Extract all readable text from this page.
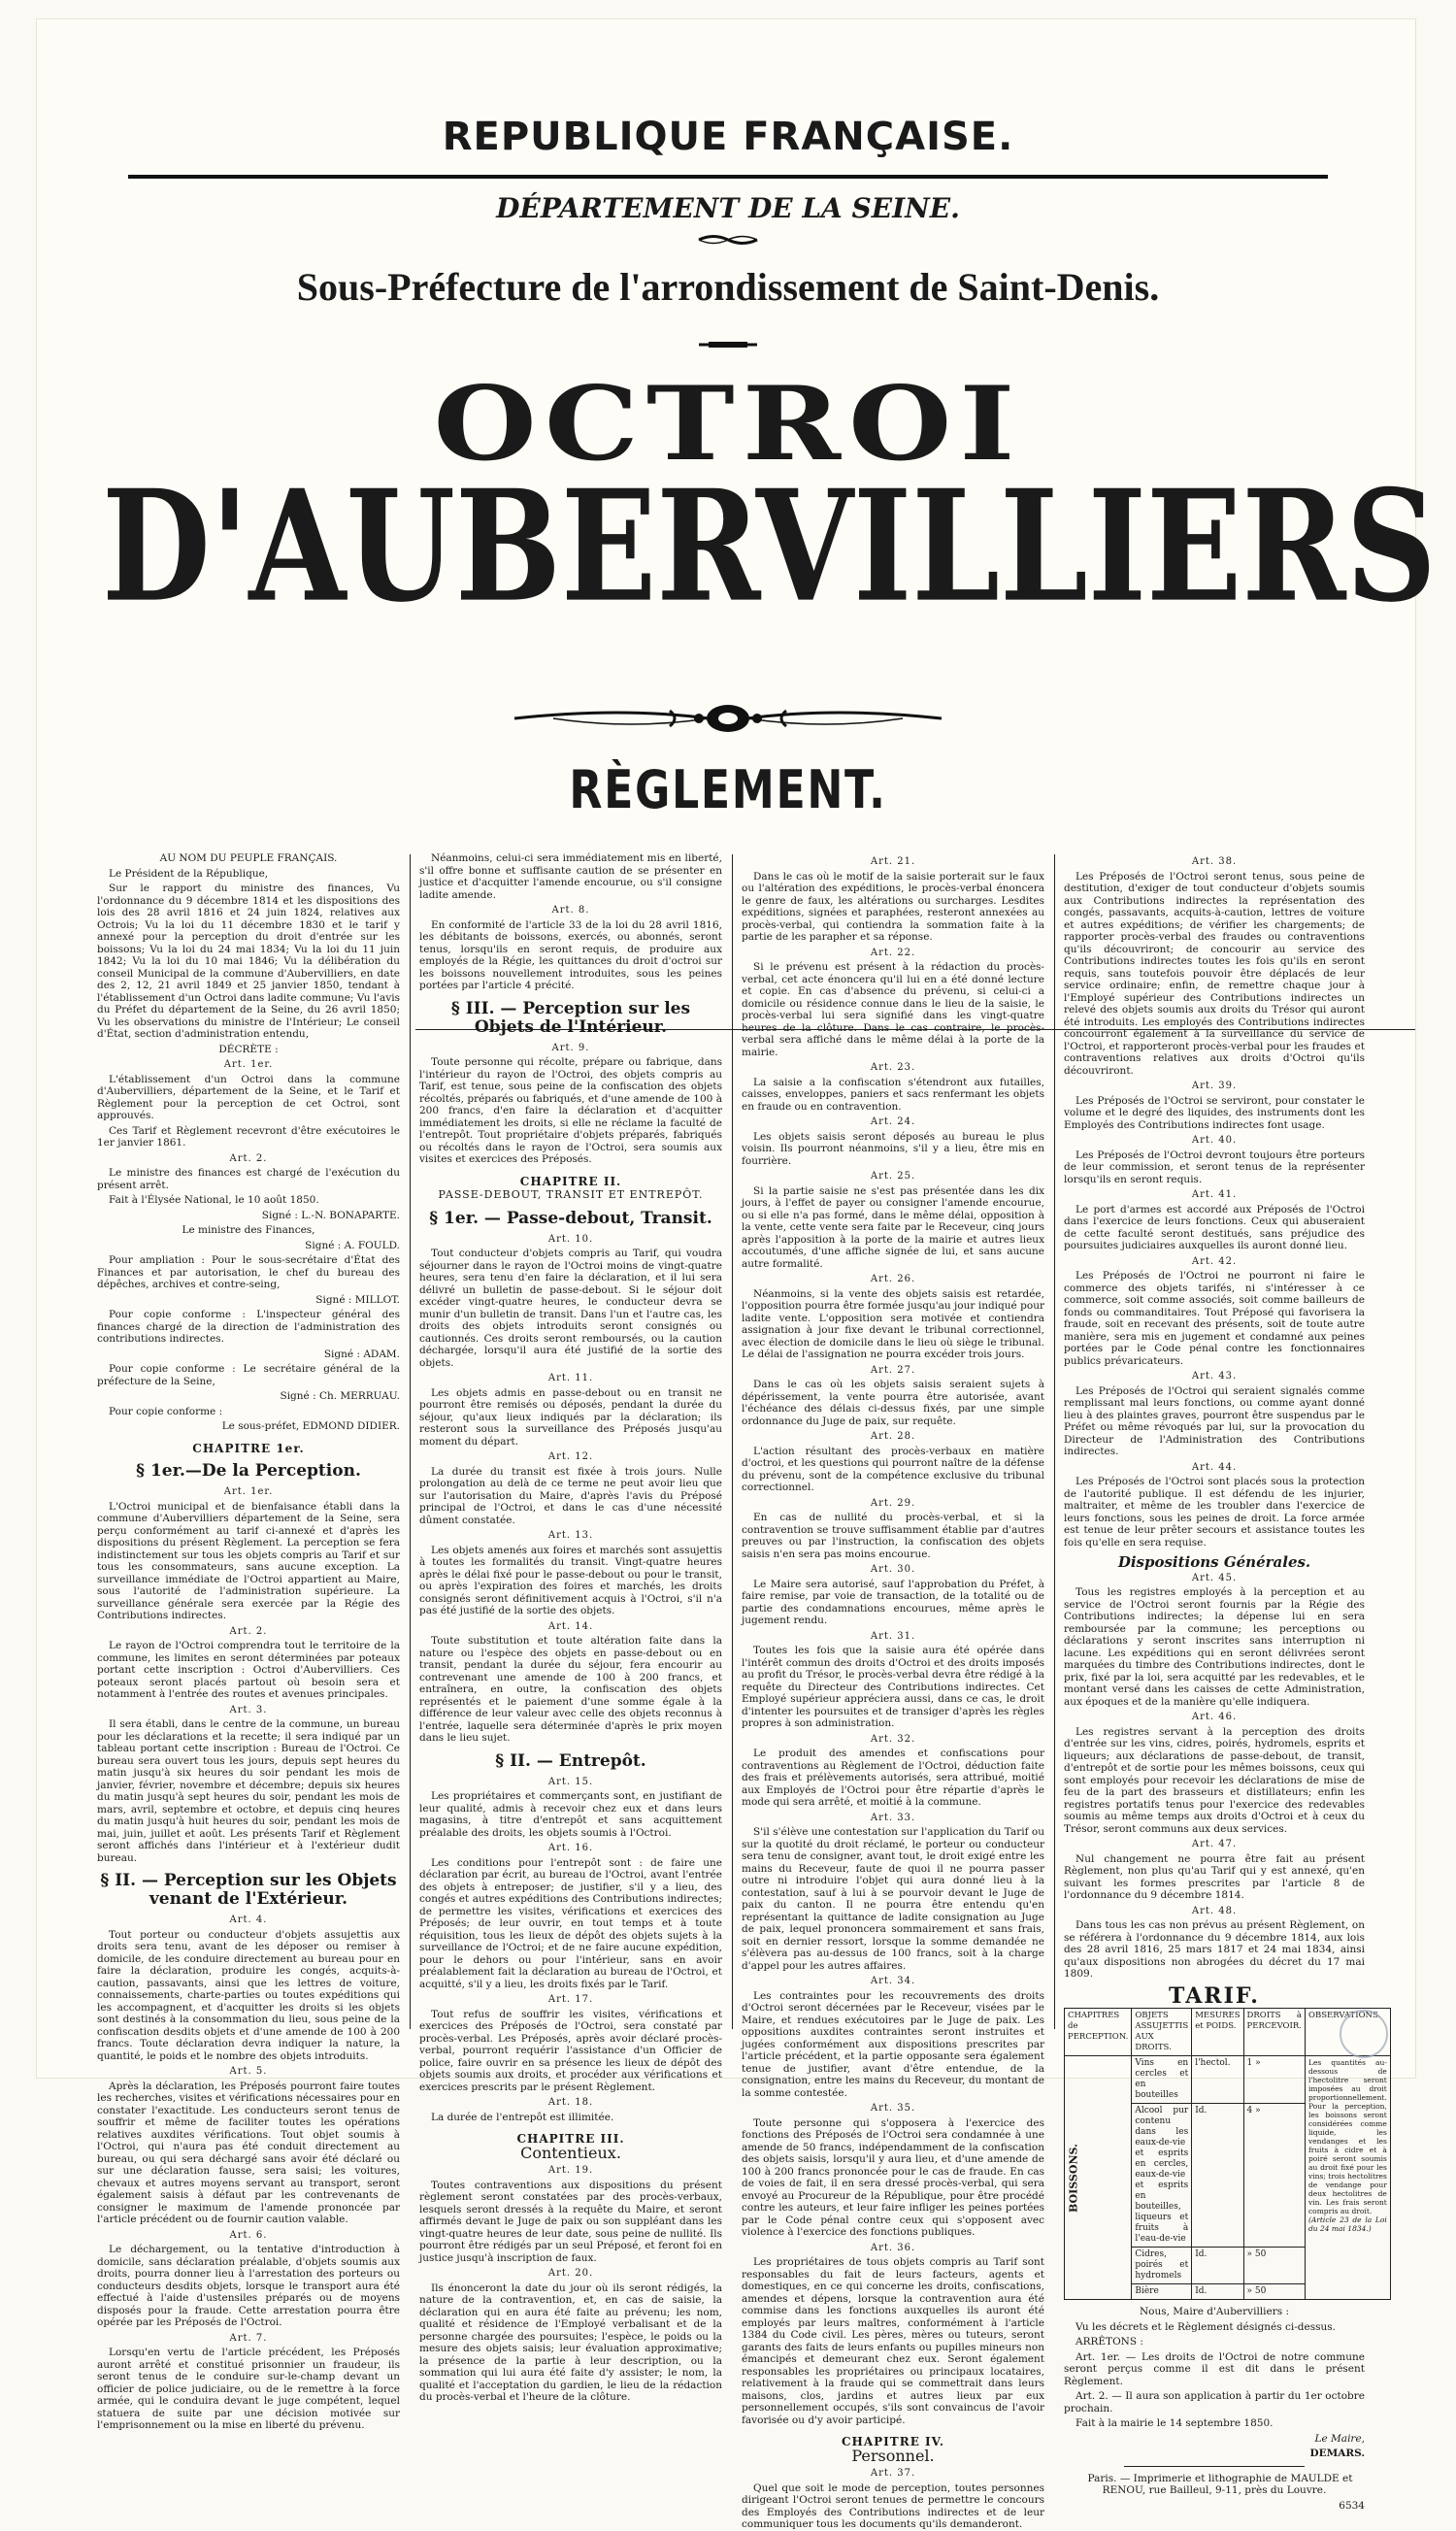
REPUBLIQUE FRANÇAISE.
DÉPARTEMENT DE LA SEINE.
Sous-Préfecture de l'arrondissement de Saint-Denis.
OCTROI
D'AUBERVILLIERS
RÈGLEMENT.

AU NOM DU PEUPLE FRANÇAIS.

Le Président de la République,

Sur le rapport du ministre des finances, Vu l'ordonnance du 9 décembre 1814 et les dispositions des lois des 28 avril 1816 et 24 juin 1824, relatives aux Octrois; Vu la loi du 11 décembre 1830 et le tarif y annexé pour la perception du droit d'entrée sur les boissons; Vu la loi du 24 mai 1834; Vu la loi du 11 juin 1842; Vu la loi du 10 mai 1846; Vu la délibération du conseil Municipal de la commune d'Aubervilliers, en date des 2, 12, 21 avril 1849 et 25 janvier 1850, tendant à l'établissement d'un Octroi dans ladite commune; Vu l'avis du Préfet du département de la Seine, du 26 avril 1850; Vu les observations du ministre de l'Intérieur; Le conseil d'État, section d'administration entendu,

DÉCRÈTE :

Art. 1er.

L'établissement d'un Octroi dans la commune d'Aubervilliers, département de la Seine, et le Tarif et Règlement pour la perception de cet Octroi, sont approuvés.

Ces Tarif et Règlement recevront d'être exécutoires le 1er janvier 1861.

Art. 2.

Le ministre des finances est chargé de l'exécution du présent arrêt.

Fait à l'Élysée National, le 10 août 1850.

Signé : L.-N. BONAPARTE.

Le ministre des Finances,

Signé : A. FOULD.

Pour ampliation : Pour le sous-secrétaire d'État des Finances et par autorisation, le chef du bureau des dépêches, archives et contre-seing,

Signé : MILLOT.

Pour copie conforme : L'inspecteur général des finances chargé de la direction de l'administration des contributions indirectes.

Signé : ADAM.

Pour copie conforme : Le secrétaire général de la préfecture de la Seine,

Signé : Ch. MERRUAU.

Pour copie conforme :

Le sous-préfet, EDMOND DIDIER.

CHAPITRE 1er.

§ 1er.—De la Perception.

Art. 1er.

L'Octroi municipal et de bienfaisance établi dans la commune d'Aubervilliers département de la Seine, sera perçu conformément au tarif ci-annexé et d'après les dispositions du présent Règlement. La perception se fera indistinctement sur tous les objets compris au Tarif et sur tous les consommateurs, sans aucune exception. La surveillance immédiate de l'Octroi appartient au Maire, sous l'autorité de l'administration supérieure. La surveillance générale sera exercée par la Régie des Contributions indirectes.

Art. 2.

Le rayon de l'Octroi comprendra tout le territoire de la commune, les limites en seront déterminées par poteaux portant cette inscription : Octroi d'Aubervilliers. Ces poteaux seront placés partout où besoin sera et notamment à l'entrée des routes et avenues principales.

Art. 3.

Il sera établi, dans le centre de la commune, un bureau pour les déclarations et la recette; il sera indiqué par un tableau portant cette inscription : Bureau de l'Octroi. Ce bureau sera ouvert tous les jours, depuis sept heures du matin jusqu'à six heures du soir pendant les mois de janvier, février, novembre et décembre; depuis six heures du matin jusqu'à sept heures du soir, pendant les mois de mars, avril, septembre et octobre, et depuis cinq heures du matin jusqu'à huit heures du soir, pendant les mois de mai, juin, juillet et août. Les présents Tarif et Règlement seront affichés dans l'intérieur et à l'extérieur dudit bureau.

§ II. — Perception sur les Objets venant de l'Extérieur.

Art. 4.

Tout porteur ou conducteur d'objets assujettis aux droits sera tenu, avant de les déposer ou remiser à domicile, de les conduire directement au bureau pour en faire la déclaration, produire les congés, acquits-à-caution, passavants, ainsi que les lettres de voiture, connaissements, charte-parties ou toutes expéditions qui les accompagnent, et d'acquitter les droits si les objets sont destinés à la consommation du lieu, sous peine de la confiscation desdits objets et d'une amende de 100 à 200 francs. Toute déclaration devra indiquer la nature, la quantité, le poids et le nombre des objets introduits.

Art. 5.

Après la déclaration, les Préposés pourront faire toutes les recherches, visites et vérifications nécessaires pour en constater l'exactitude. Les conducteurs seront tenus de souffrir et même de faciliter toutes les opérations relatives auxdites vérifications. Tout objet soumis à l'Octroi, qui n'aura pas été conduit directement au bureau, ou qui sera déchargé sans avoir été déclaré ou sur une déclaration fausse, sera saisi; les voitures, chevaux et autres moyens servant au transport, seront également saisis à défaut par les contrevenants de consigner le maximum de l'amende prononcée par l'article précédent ou de fournir caution valable.

Art. 6.

Le déchargement, ou la tentative d'introduction à domicile, sans déclaration préalable, d'objets soumis aux droits, pourra donner lieu à l'arrestation des porteurs ou conducteurs desdits objets, lorsque le transport aura été effectué à l'aide d'ustensiles préparés ou de moyens disposés pour la fraude. Cette arrestation pourra être opérée par les Préposés de l'Octroi.

Art. 7.

Lorsqu'en vertu de l'article précédent, les Préposés auront arrêté et constitué prisonnier un fraudeur, ils seront tenus de le conduire sur-le-champ devant un officier de police judiciaire, ou de le remettre à la force armée, qui le conduira devant le juge compétent, lequel statuera de suite par une décision motivée sur l'emprisonnement ou la mise en liberté du prévenu.

Néanmoins, celui-ci sera immédiatement mis en liberté, s'il offre bonne et suffisante caution de se présenter en justice et d'acquitter l'amende encourue, ou s'il consigne ladite amende.

Art. 8.

En conformité de l'article 33 de la loi du 28 avril 1816, les débitants de boissons, exercés, ou abonnés, seront tenus, lorsqu'ils en seront requis, de produire aux employés de la Régie, les quittances du droit d'octroi sur les boissons nouvellement introduites, sous les peines portées par l'article 4 précité.

§ III. — Perception sur les Objets de l'Intérieur.

Art. 9.

Toute personne qui récolte, prépare ou fabrique, dans l'intérieur du rayon de l'Octroi, des objets compris au Tarif, est tenue, sous peine de la confiscation des objets récoltés, préparés ou fabriqués, et d'une amende de 100 à 200 francs, d'en faire la déclaration et d'acquitter immédiatement les droits, si elle ne réclame la faculté de l'entrepôt. Tout propriétaire d'objets préparés, fabriqués ou récoltés dans le rayon de l'Octroi, sera soumis aux visites et exercices des Préposés.

CHAPITRE II.

PASSE-DEBOUT, TRANSIT ET ENTREPÔT.

§ 1er. — Passe-debout, Transit.

Art. 10.

Tout conducteur d'objets compris au Tarif, qui voudra séjourner dans le rayon de l'Octroi moins de vingt-quatre heures, sera tenu d'en faire la déclaration, et il lui sera délivré un bulletin de passe-debout. Si le séjour doit excéder vingt-quatre heures, le conducteur devra se munir d'un bulletin de transit. Dans l'un et l'autre cas, les droits des objets introduits seront consignés ou cautionnés. Ces droits seront remboursés, ou la caution déchargée, lorsqu'il aura été justifié de la sortie des objets.

Art. 11.

Les objets admis en passe-debout ou en transit ne pourront être remisés ou déposés, pendant la durée du séjour, qu'aux lieux indiqués par la déclaration; ils resteront sous la surveillance des Préposés jusqu'au moment du départ.

Art. 12.

La durée du transit est fixée à trois jours. Nulle prolongation au delà de ce terme ne peut avoir lieu que sur l'autorisation du Maire, d'après l'avis du Préposé principal de l'Octroi, et dans le cas d'une nécessité dûment constatée.

Art. 13.

Les objets amenés aux foires et marchés sont assujettis à toutes les formalités du transit. Vingt-quatre heures après le délai fixé pour le passe-debout ou pour le transit, ou après l'expiration des foires et marchés, les droits consignés seront définitivement acquis à l'Octroi, s'il n'a pas été justifié de la sortie des objets.

Art. 14.

Toute substitution et toute altération faite dans la nature ou l'espèce des objets en passe-debout ou en transit, pendant la durée du séjour, fera encourir au contrevenant une amende de 100 à 200 francs, et entraînera, en outre, la confiscation des objets représentés et le paiement d'une somme égale à la différence de leur valeur avec celle des objets reconnus à l'entrée, laquelle sera déterminée d'après le prix moyen dans le lieu sujet.

§ II. — Entrepôt.

Art. 15.

Les propriétaires et commerçants sont, en justifiant de leur qualité, admis à recevoir chez eux et dans leurs magasins, à titre d'entrepôt et sans acquittement préalable des droits, les objets soumis à l'Octroi.

Art. 16.

Les conditions pour l'entrepôt sont : de faire une déclaration par écrit, au bureau de l'Octroi, avant l'entrée des objets à entreposer; de justifier, s'il y a lieu, des congés et autres expéditions des Contributions indirectes; de permettre les visites, vérifications et exercices des Préposés; de leur ouvrir, en tout temps et à toute réquisition, tous les lieux de dépôt des objets sujets à la surveillance de l'Octroi; et de ne faire aucune expédition, pour le dehors ou pour l'intérieur, sans en avoir préalablement fait la déclaration au bureau de l'Octroi, et acquitté, s'il y a lieu, les droits fixés par le Tarif.

Art. 17.

Tout refus de souffrir les visites, vérifications et exercices des Préposés de l'Octroi, sera constaté par procès-verbal. Les Préposés, après avoir déclaré procès-verbal, pourront requérir l'assistance d'un Officier de police, faire ouvrir en sa présence les lieux de dépôt des objets soumis aux droits, et procéder aux vérifications et exercices prescrits par le présent Règlement.

Art. 18.

La durée de l'entrepôt est illimitée.

CHAPITRE III.

Contentieux.

Art. 19.

Toutes contraventions aux dispositions du présent règlement seront constatées par des procès-verbaux, lesquels seront dressés à la requête du Maire, et seront affirmés devant le Juge de paix ou son suppléant dans les vingt-quatre heures de leur date, sous peine de nullité. Ils pourront être rédigés par un seul Préposé, et feront foi en justice jusqu'à inscription de faux.

Art. 20.

Ils énonceront la date du jour où ils seront rédigés, la nature de la contravention, et, en cas de saisie, la déclaration qui en aura été faite au prévenu; les nom, qualité et résidence de l'Employé verbalisant et de la personne chargée des poursuites; l'espèce, le poids ou la mesure des objets saisis; leur évaluation approximative; la présence de la partie à leur description, ou la sommation qui lui aura été faite d'y assister; le nom, la qualité et l'acceptation du gardien, le lieu de la rédaction du procès-verbal et l'heure de la clôture.

Art. 21.

Dans le cas où le motif de la saisie porterait sur le faux ou l'altération des expéditions, le procès-verbal énoncera le genre de faux, les altérations ou surcharges. Lesdites expéditions, signées et paraphées, resteront annexées au procès-verbal, qui contiendra la sommation faite à la partie de les parapher et sa réponse.

Art. 22.

Si le prévenu est présent à la rédaction du procès-verbal, cet acte énoncera qu'il lui en a été donné lecture et copie. En cas d'absence du prévenu, si celui-ci a domicile ou résidence connue dans le lieu de la saisie, le procès-verbal lui sera signifié dans les vingt-quatre heures de la clôture. Dans le cas contraire, le procès-verbal sera affiché dans le même délai à la porte de la mairie.

Art. 23.

La saisie a la confiscation s'étendront aux futailles, caisses, enveloppes, paniers et sacs renfermant les objets en fraude ou en contravention.

Art. 24.

Les objets saisis seront déposés au bureau le plus voisin. Ils pourront néanmoins, s'il y a lieu, être mis en fourrière.

Art. 25.

Si la partie saisie ne s'est pas présentée dans les dix jours, à l'effet de payer ou consigner l'amende encourue, ou si elle n'a pas formé, dans le même délai, opposition à la vente, cette vente sera faite par le Receveur, cinq jours après l'apposition à la porte de la mairie et autres lieux accoutumés, d'une affiche signée de lui, et sans aucune autre formalité.

Art. 26.

Néanmoins, si la vente des objets saisis est retardée, l'opposition pourra être formée jusqu'au jour indiqué pour ladite vente. L'opposition sera motivée et contiendra assignation à jour fixe devant le tribunal correctionnel, avec élection de domicile dans le lieu où siège le tribunal. Le délai de l'assignation ne pourra excéder trois jours.

Art. 27.

Dans le cas où les objets saisis seraient sujets à dépérissement, la vente pourra être autorisée, avant l'échéance des délais ci-dessus fixés, par une simple ordonnance du Juge de paix, sur requête.

Art. 28.

L'action résultant des procès-verbaux en matière d'octroi, et les questions qui pourront naître de la défense du prévenu, sont de la compétence exclusive du tribunal correctionnel.

Art. 29.

En cas de nullité du procès-verbal, et si la contravention se trouve suffisamment établie par d'autres preuves ou par l'instruction, la confiscation des objets saisis n'en sera pas moins encourue.

Art. 30.

Le Maire sera autorisé, sauf l'approbation du Préfet, à faire remise, par voie de transaction, de la totalité ou de partie des condamnations encourues, même après le jugement rendu.

Art. 31.

Toutes les fois que la saisie aura été opérée dans l'intérêt commun des droits d'Octroi et des droits imposés au profit du Trésor, le procès-verbal devra être rédigé à la requête du Directeur des Contributions indirectes. Cet Employé supérieur appréciera aussi, dans ce cas, le droit d'intenter les poursuites et de transiger d'après les règles propres à son administration.

Art. 32.

Le produit des amendes et confiscations pour contraventions au Règlement de l'Octroi, déduction faite des frais et prélèvements autorisés, sera attribué, moitié aux Employés de l'Octroi pour être répartie d'après le mode qui sera arrêté, et moitié à la commune.

Art. 33.

S'il s'élève une contestation sur l'application du Tarif ou sur la quotité du droit réclamé, le porteur ou conducteur sera tenu de consigner, avant tout, le droit exigé entre les mains du Receveur, faute de quoi il ne pourra passer outre ni introduire l'objet qui aura donné lieu à la contestation, sauf à lui à se pourvoir devant le Juge de paix du canton. Il ne pourra être entendu qu'en représentant la quittance de ladite consignation au Juge de paix, lequel prononcera sommairement et sans frais, soit en dernier ressort, lorsque la somme demandée ne s'élèvera pas au-dessus de 100 francs, soit à la charge d'appel pour les autres affaires.

Art. 34.

Les contraintes pour les recouvrements des droits d'Octroi seront décernées par le Receveur, visées par le Maire, et rendues exécutoires par le Juge de paix. Les oppositions auxdites contraintes seront instruites et jugées conformément aux dispositions prescrites par l'article précédent, et la partie opposante sera également tenue de justifier, avant d'être entendue, de la consignation, entre les mains du Receveur, du montant de la somme contestée.

Art. 35.

Toute personne qui s'opposera à l'exercice des fonctions des Préposés de l'Octroi sera condamnée à une amende de 50 francs, indépendamment de la confiscation des objets saisis, lorsqu'il y aura lieu, et d'une amende de 100 à 200 francs prononcée pour le cas de fraude. En cas de voies de fait, il en sera dressé procès-verbal, qui sera envoyé au Procureur de la République, pour être procédé contre les auteurs, et leur faire infliger les peines portées par le Code pénal contre ceux qui s'opposent avec violence à l'exercice des fonctions publiques.

Art. 36.

Les propriétaires de tous objets compris au Tarif sont responsables du fait de leurs facteurs, agents et domestiques, en ce qui concerne les droits, confiscations, amendes et dépens, lorsque la contravention aura été commise dans les fonctions auxquelles ils auront été employés par leurs maîtres, conformément à l'article 1384 du Code civil. Les pères, mères ou tuteurs, seront garants des faits de leurs enfants ou pupilles mineurs non émancipés et demeurant chez eux. Seront également responsables les propriétaires ou principaux locataires, relativement à la fraude qui se commettrait dans leurs maisons, clos, jardins et autres lieux par eux personnellement occupés, s'ils sont convaincus de l'avoir favorisée ou d'y avoir participé.

CHAPITRE IV.

Personnel.

Art. 37.

Quel que soit le mode de perception, toutes personnes dirigeant l'Octroi seront tenues de permettre le concours des Employés des Contributions indirectes et de leur communiquer tous les documents qu'ils demanderont.

Art. 38.

Les Préposés de l'Octroi seront tenus, sous peine de destitution, d'exiger de tout conducteur d'objets soumis aux Contributions indirectes la représentation des congés, passavants, acquits-à-caution, lettres de voiture et autres expéditions; de vérifier les chargements; de rapporter procès-verbal des fraudes ou contraventions qu'ils découvriront; de concourir au service des Contributions indirectes toutes les fois qu'ils en seront requis, sans toutefois pouvoir être déplacés de leur service ordinaire; enfin, de remettre chaque jour à l'Employé supérieur des Contributions indirectes un relevé des objets soumis aux droits du Trésor qui auront été introduits. Les employés des Contributions indirectes concourront également à la surveillance du service de l'Octroi, et rapporteront procès-verbal pour les fraudes et contraventions relatives aux droits d'Octroi qu'ils découvriront.

Art. 39.

Les Préposés de l'Octroi se serviront, pour constater le volume et le degré des liquides, des instruments dont les Employés des Contributions indirectes font usage.

Art. 40.

Les Préposés de l'Octroi devront toujours être porteurs de leur commission, et seront tenus de la représenter lorsqu'ils en seront requis.

Art. 41.

Le port d'armes est accordé aux Préposés de l'Octroi dans l'exercice de leurs fonctions. Ceux qui abuseraient de cette faculté seront destitués, sans préjudice des poursuites judiciaires auxquelles ils auront donné lieu.

Art. 42.

Les Préposés de l'Octroi ne pourront ni faire le commerce des objets tarifés, ni s'intéresser à ce commerce, soit comme associés, soit comme bailleurs de fonds ou commanditaires. Tout Préposé qui favorisera la fraude, soit en recevant des présents, soit de toute autre manière, sera mis en jugement et condamné aux peines portées par le Code pénal contre les fonctionnaires publics prévaricateurs.

Art. 43.

Les Préposés de l'Octroi qui seraient signalés comme remplissant mal leurs fonctions, ou comme ayant donné lieu à des plaintes graves, pourront être suspendus par le Préfet ou même révoqués par lui, sur la provocation du Directeur de l'Administration des Contributions indirectes.

Art. 44.

Les Préposés de l'Octroi sont placés sous la protection de l'autorité publique. Il est défendu de les injurier, maltraiter, et même de les troubler dans l'exercice de leurs fonctions, sous les peines de droit. La force armée est tenue de leur prêter secours et assistance toutes les fois qu'elle en sera requise.

Dispositions Générales.

Art. 45.

Tous les registres employés à la perception et au service de l'Octroi seront fournis par la Régie des Contributions indirectes; la dépense lui en sera remboursée par la commune; les perceptions ou déclarations y seront inscrites sans interruption ni lacune. Les expéditions qui en seront délivrées seront marquées du timbre des Contributions indirectes, dont le prix, fixé par la loi, sera acquitté par les redevables, et le montant versé dans les caisses de cette Administration, aux époques et de la manière qu'elle indiquera.

Art. 46.

Les registres servant à la perception des droits d'entrée sur les vins, cidres, poirés, hydromels, esprits et liqueurs; aux déclarations de passe-debout, de transit, d'entrepôt et de sortie pour les mêmes boissons, ceux qui sont employés pour recevoir les déclarations de mise de feu de la part des brasseurs et distillateurs; enfin les registres portatifs tenus pour l'exercice des redevables soumis au même temps aux droits d'Octroi et à ceux du Trésor, seront communs aux deux services.

Art. 47.

Nul changement ne pourra être fait au présent Règlement, non plus qu'au Tarif qui y est annexé, qu'en suivant les formes prescrites par l'article 8 de l'ordonnance du 9 décembre 1814.

Art. 48.

Dans tous les cas non prévus au présent Règlement, on se référera à l'ordonnance du 9 décembre 1814, aux lois des 28 avril 1816, 25 mars 1817 et 24 mai 1834, ainsi qu'aux dispositions non abrogées du décret du 17 mai 1809.

TARIF.

CHAPITRES de PERCEPTION.	OBJETS ASSUJETTIS AUX DROITS.	MESURES et POIDS.	DROITS à PERCEVOIR.	OBSERVATIONS.
BOISSONS.	Vins en cercles et en bouteilles	l'hectol.	1 »	Les quantités au-dessous de l'hectolitre seront imposées au droit proportionnellement. Pour la perception, les boissons seront considérées comme liquide, les vendanges et les fruits à cidre et à poiré seront soumis au droit fixé pour les vins; trois hectolitres de vendange pour deux hectolitres de vin. Les frais seront compris au droit.
(Article 23 de la Loi du 24 mai 1834.)
	Alcool pur contenu dans les eaux-de-vie et esprits en cercles, eaux-de-vie et esprits en bouteilles, liqueurs et fruits à l'eau-de-vie	Id.	4 »	
	Cidres, poirés et hydromels	Id.	» 50	
	Bière	Id.	» 50	

Nous, Maire d'Aubervilliers :

Vu les décrets et le Règlement désignés ci-dessus.

ARRÊTONS :

Art. 1er. — Les droits de l'Octroi de notre commune seront perçus comme il est dit dans le présent Règlement.

Art. 2. — Il aura son application à partir du 1er octobre prochain.

Fait à la mairie le 14 septembre 1850.

Le Maire,

DEMARS.

Paris. — Imprimerie et lithographie de MAULDE et RENOU, rue Bailleul, 9-11, près du Louvre.

6534
